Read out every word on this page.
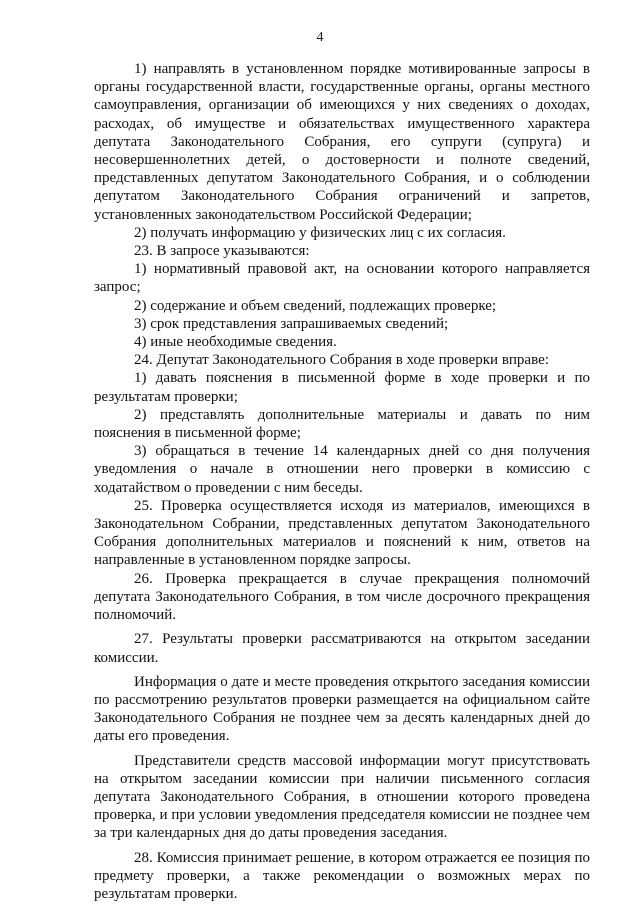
4

1) направлять в установленном порядке мотивированные запросы в органы государственной власти, государственные органы, органы местного самоуправления, организации об имеющихся у них сведениях о доходах, расходах, об имуществе и обязательствах имущественного характера депутата Законодательного Собрания, его супруги (супруга) и несовершеннолетних детей, о достоверности и полноте сведений, представленных депутатом Законодательного Собрания, и о соблюдении депутатом Законодательного Собрания ограничений и запретов, установленных законодательством Российской Федерации;

2) получать информацию у физических лиц с их согласия.

23. В запросе указываются:

1) нормативный правовой акт, на основании которого направляется запрос;

2) содержание и объем сведений, подлежащих проверке;

3) срок представления запрашиваемых сведений;

4) иные необходимые сведения.

24. Депутат Законодательного Собрания в ходе проверки вправе:

1) давать пояснения в письменной форме в ходе проверки и по результатам проверки;

2) представлять дополнительные материалы и давать по ним пояснения в письменной форме;

3) обращаться в течение 14 календарных дней со дня получения уведомления о начале в отношении него проверки в комиссию с ходатайством о проведении с ним беседы.

25. Проверка осуществляется исходя из материалов, имеющихся в Законодательном Собрании, представленных депутатом Законодательного Собрания дополнительных материалов и пояснений к ним, ответов на направленные в установленном порядке запросы.

26. Проверка прекращается в случае прекращения полномочий депутата Законодательного Собрания, в том числе досрочного прекращения полномочий.

27. Результаты проверки рассматриваются на открытом заседании комиссии.

Информация о дате и месте проведения открытого заседания комиссии по рассмотрению результатов проверки размещается на официальном сайте Законодательного Собрания не позднее чем за десять календарных дней до даты его проведения.

Представители средств массовой информации могут присутствовать на открытом заседании комиссии при наличии письменного согласия депутата Законодательного Собрания, в отношении которого проведена проверка, и при условии уведомления председателя комиссии не позднее чем за три календарных дня до даты проведения заседания.

28. Комиссия принимает решение, в котором отражается ее позиция по предмету проверки, а также рекомендации о возможных мерах по результатам проверки.
